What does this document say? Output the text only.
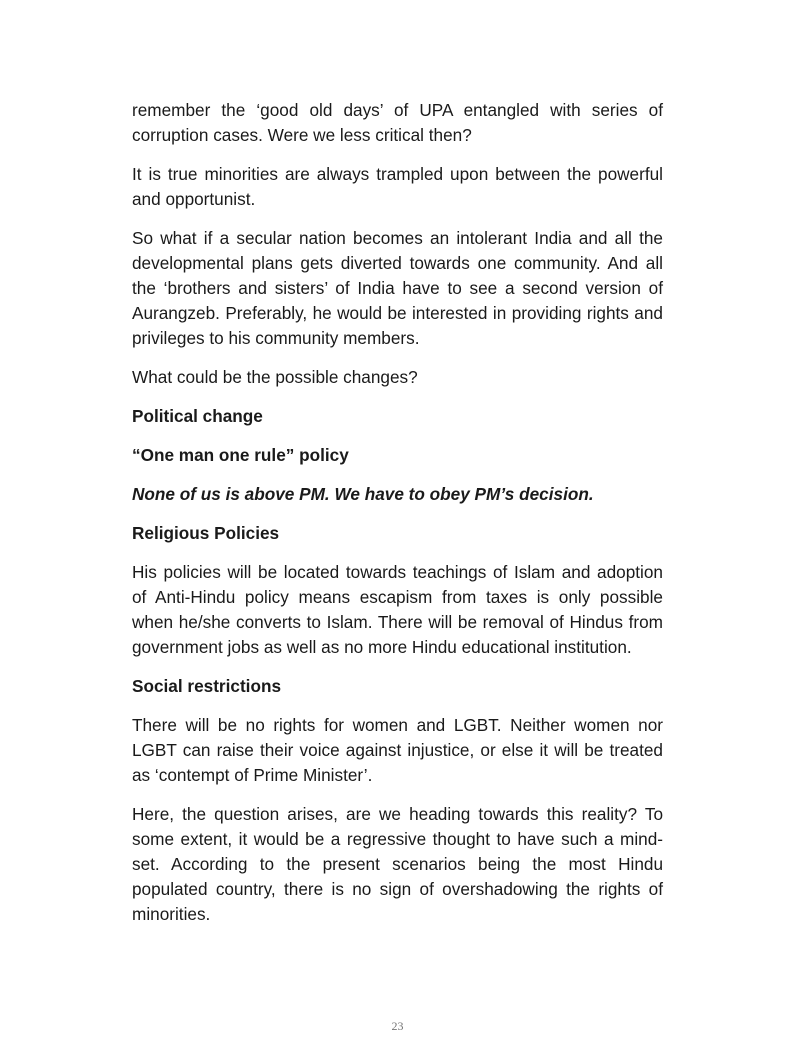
remember the ‘good old days’ of UPA entangled with series of corruption cases. Were we less critical then?

It is true minorities are always trampled upon between the powerful and opportunist.

So what if a secular nation becomes an intolerant India and all the developmental plans gets diverted towards one community. And all the ‘brothers and sisters’ of India have to see a second version of Aurangzeb. Preferably, he would be interested in providing rights and privileges to his community members.

What could be the possible changes?

Political change

“One man one rule” policy

None of us is above PM. We have to obey PM’s decision.

Religious Policies

His policies will be located towards teachings of Islam and adoption of Anti-Hindu policy means escapism from taxes is only possible when he/she converts to Islam. There will be removal of Hindus from government jobs as well as no more Hindu educational institution.

Social restrictions

There will be no rights for women and LGBT. Neither women nor LGBT can raise their voice against injustice, or else it will be treated as ‘contempt of Prime Minister’.

Here, the question arises, are we heading towards this reality? To some extent, it would be a regressive thought to have such a mind-set. According to the present scenarios being the most Hindu populated country, there is no sign of overshadowing the rights of minorities.

23
